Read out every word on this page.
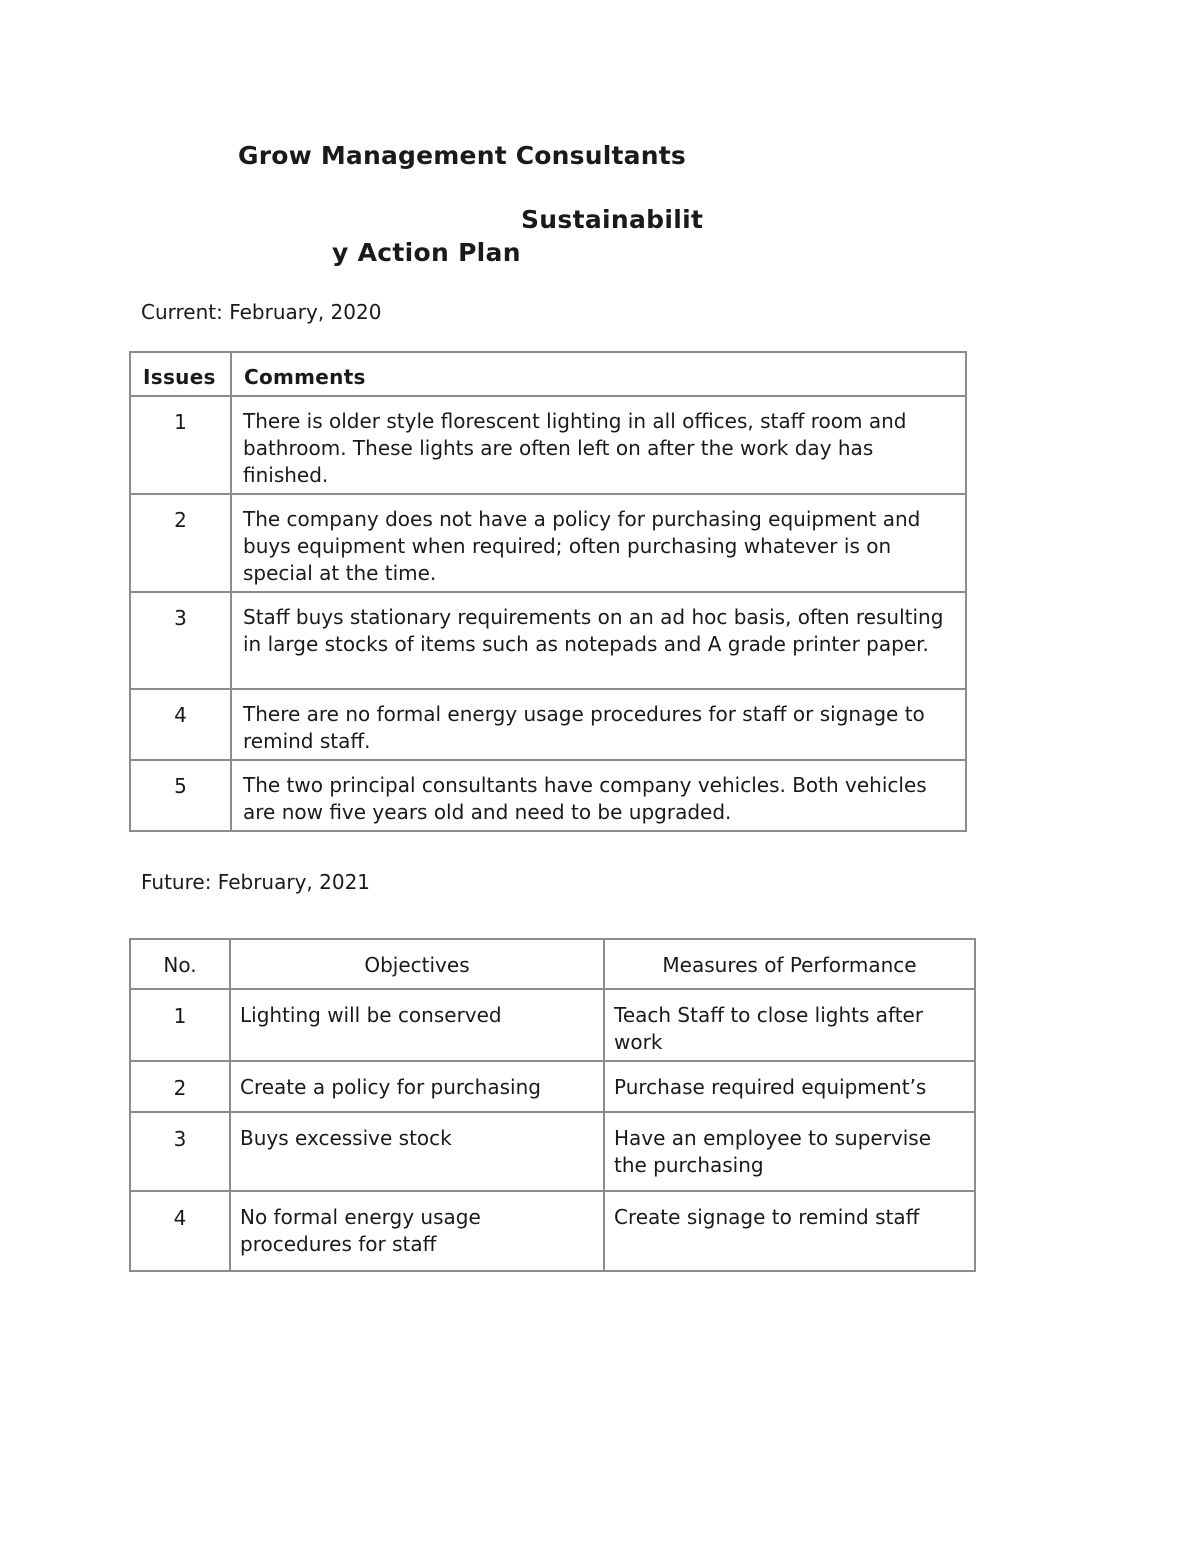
Grow Management Consultants
Sustainabilit
y Action Plan
Current: February, 2020
Issues	Comments
1	There is older style florescent lighting in all offices, staff room and bathroom. These lights are often left on after the work day has finished.
2	The company does not have a policy for purchasing equipment and buys equipment when required; often purchasing whatever is on special at the time.
3	Staff buys stationary requirements on an ad hoc basis, often resulting in large stocks of items such as notepads and A grade printer paper.
4	There are no formal energy usage procedures for staff or signage to remind staff.
5	The two principal consultants have company vehicles. Both vehicles are now five years old and need to be upgraded.
Future: February, 2021
No.	Objectives	Measures of Performance
1	Lighting will be conserved	Teach Staff to close lights after work
2	Create a policy for purchasing	Purchase required equipment’s
3	Buys excessive stock	Have an employee to supervise the purchasing
4	No formal energy usage procedures for staff	Create signage to remind staff
